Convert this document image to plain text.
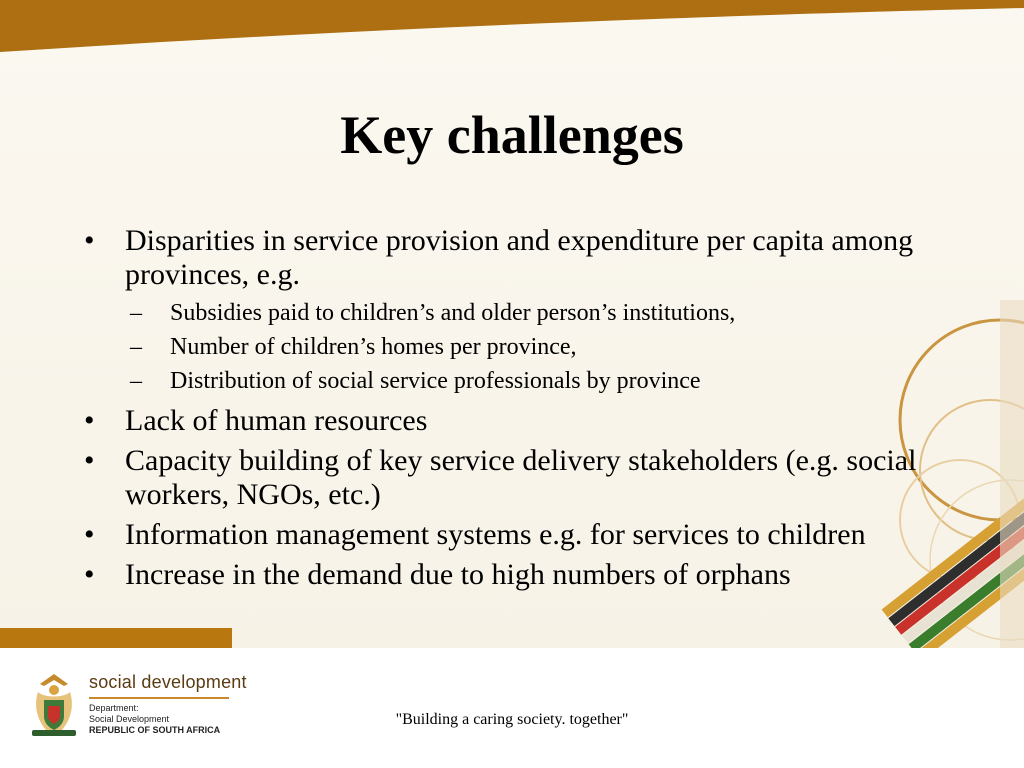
Key challenges
• Disparities in service provision and expenditure per capita among provinces, e.g.
– Subsidies paid to children’s and older person’s institutions,
– Number of children’s homes per province,
– Distribution of social service professionals by province
• Lack of human resources
• Capacity building of key service delivery stakeholders (e.g. social workers, NGOs, etc.)
• Information management systems e.g. for services to children
• Increase in the demand due to high numbers of orphans
social development
Department:
Social Development
REPUBLIC OF SOUTH AFRICA
"Building a caring society. together"
